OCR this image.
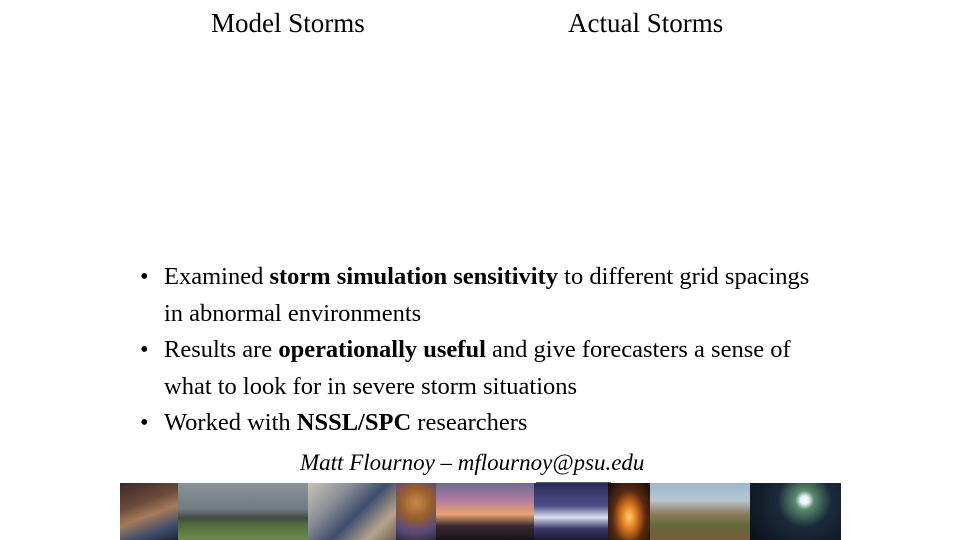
Model Storms	Actual Storms
• Examined storm simulation sensitivity to different grid spacings in abnormal environments
• Results are operationally useful and give forecasters a sense of what to look for in severe storm situations
• Worked with NSSL/SPC researchers
Matt Flournoy – mflournoy@psu.edu
